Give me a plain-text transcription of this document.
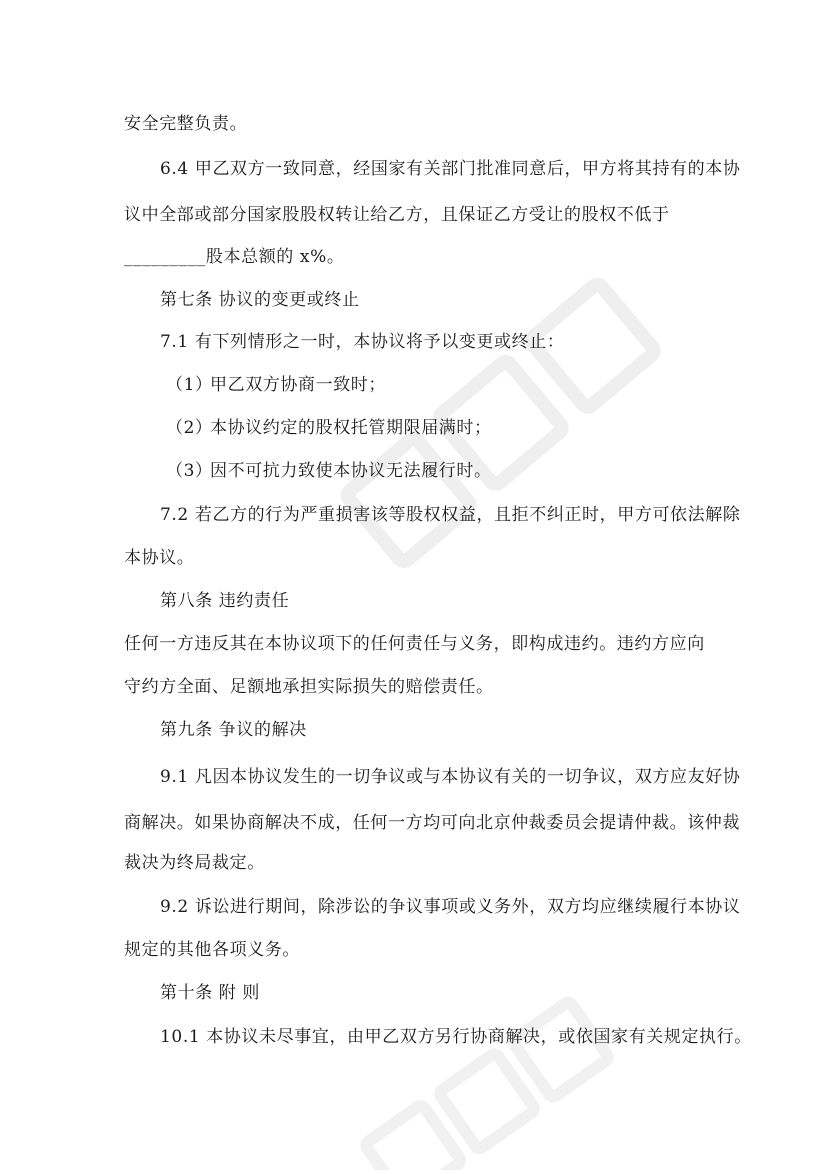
安全完整负责。
6.4 甲乙双方一致同意，经国家有关部门批准同意后，甲方将其持有的本协
议中全部或部分国家股股权转让给乙方，且保证乙方受让的股权不低于
_________股本总额的 x%。
第七条 协议的变更或终止
7.1 有下列情形之一时，本协议将予以变更或终止：
（1）甲乙双方协商一致时；
（2）本协议约定的股权托管期限届满时；
（3）因不可抗力致使本协议无法履行时。
7.2 若乙方的行为严重损害该等股权权益，且拒不纠正时，甲方可依法解除
本协议。
第八条 违约责任
任何一方违反其在本协议项下的任何责任与义务，即构成违约。违约方应向
守约方全面、足额地承担实际损失的赔偿责任。
第九条 争议的解决
9.1 凡因本协议发生的一切争议或与本协议有关的一切争议，双方应友好协
商解决。如果协商解决不成，任何一方均可向北京仲裁委员会提请仲裁。该仲裁
裁决为终局裁定。
9.2 诉讼进行期间，除涉讼的争议事项或义务外，双方均应继续履行本协议
规定的其他各项义务。
第十条 附 则
10.1 本协议未尽事宜，由甲乙双方另行协商解决，或依国家有关规定执行。
